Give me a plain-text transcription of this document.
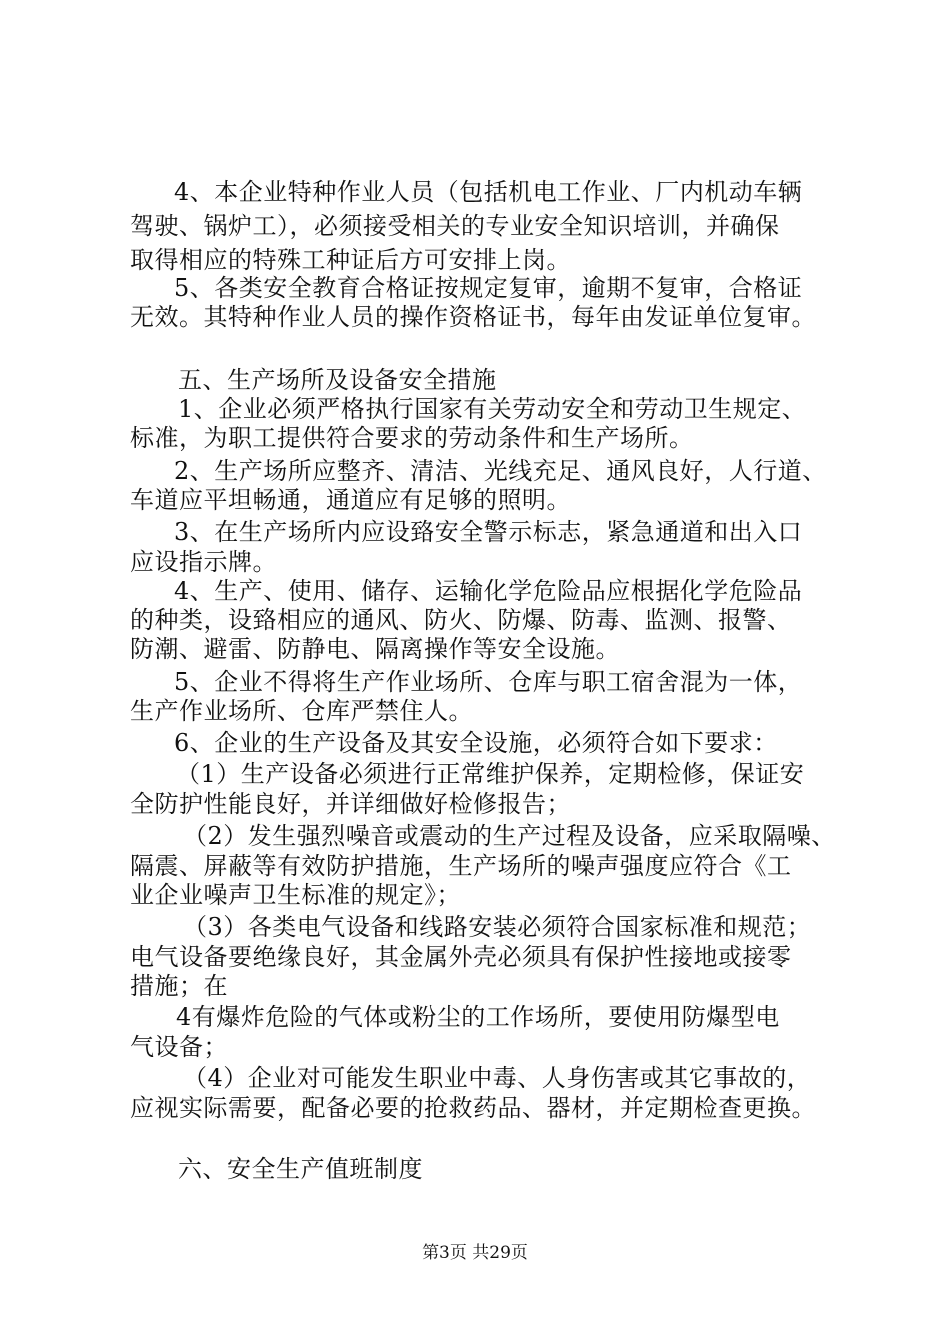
4、本企业特种作业人员（包括机电工作业、厂内机动车辆
驾驶、锅炉工），必须接受相关的专业安全知识培训，并确保
取得相应的特殊工种证后方可安排上岗。
5、各类安全教育合格证按规定复审，逾期不复审，合格证
无效。其特种作业人员的操作资格证书，每年由发证单位复审。
五、生产场所及设备安全措施
1、企业必须严格执行国家有关劳动安全和劳动卫生规定、
标准，为职工提供符合要求的劳动条件和生产场所。
2、生产场所应整齐、清洁、光线充足、通风良好，人行道、
车道应平坦畅通，通道应有足够的照明。
3、在生产场所内应设臵安全警示标志，紧急通道和出入口
应设指示牌。
4、生产、使用、储存、运输化学危险品应根据化学危险品
的种类，设臵相应的通风、防火、防爆、防毒、监测、报警、
防潮、避雷、防静电、隔离操作等安全设施。
5、企业不得将生产作业场所、仓库与职工宿舍混为一体，
生产作业场所、仓库严禁住人。
6、企业的生产设备及其安全设施，必须符合如下要求：
（1）生产设备必须进行正常维护保养，定期检修，保证安
全防护性能良好，并详细做好检修报告；
（2）发生强烈噪音或震动的生产过程及设备，应采取隔噪、
隔震、屏蔽等有效防护措施，生产场所的噪声强度应符合《工
业企业噪声卫生标准的规定》；
（3）各类电气设备和线路安装必须符合国家标准和规范；
电气设备要绝缘良好，其金属外壳必须具有保护性接地或接零
措施；在
4有爆炸危险的气体或粉尘的工作场所，要使用防爆型电
气设备；
（4）企业对可能发生职业中毒、人身伤害或其它事故的，
应视实际需要，配备必要的抢救药品、器材，并定期检查更换。
六、安全生产值班制度
第3页 共29页
